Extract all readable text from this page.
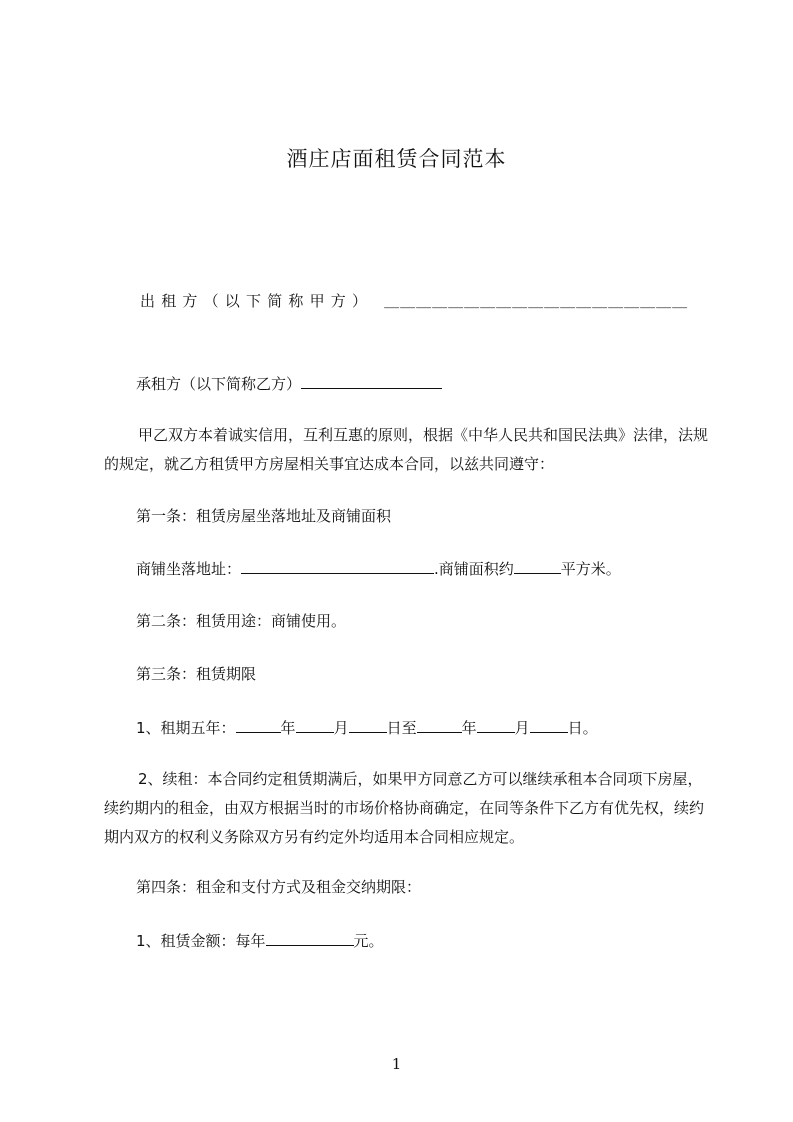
酒庄店面租赁合同范本
出租方（以下简称甲方） ＿＿＿＿＿＿＿＿＿＿＿＿＿＿＿＿＿＿＿
承租方（以下简称乙方）
甲乙双方本着诚实信用，互利互惠的原则，根据《中华人民共和国民法典》法律，法规的规定，就乙方租赁甲方房屋相关事宜达成本合同，以兹共同遵守：
第一条：租赁房屋坐落地址及商铺面积
商铺坐落地址：	.商铺面积约	平方米。
第二条：租赁用途：商铺使用。
第三条：租赁期限
1、租期五年：	年	月	日至	年	月	日。
2、续租：本合同约定租赁期满后，如果甲方同意乙方可以继续承租本合同项下房屋，续约期内的租金，由双方根据当时的市场价格协商确定，在同等条件下乙方有优先权，续约期内双方的权利义务除双方另有约定外均适用本合同相应规定。
第四条：租金和支付方式及租金交纳期限：
1、租赁金额：每年	元。
1
